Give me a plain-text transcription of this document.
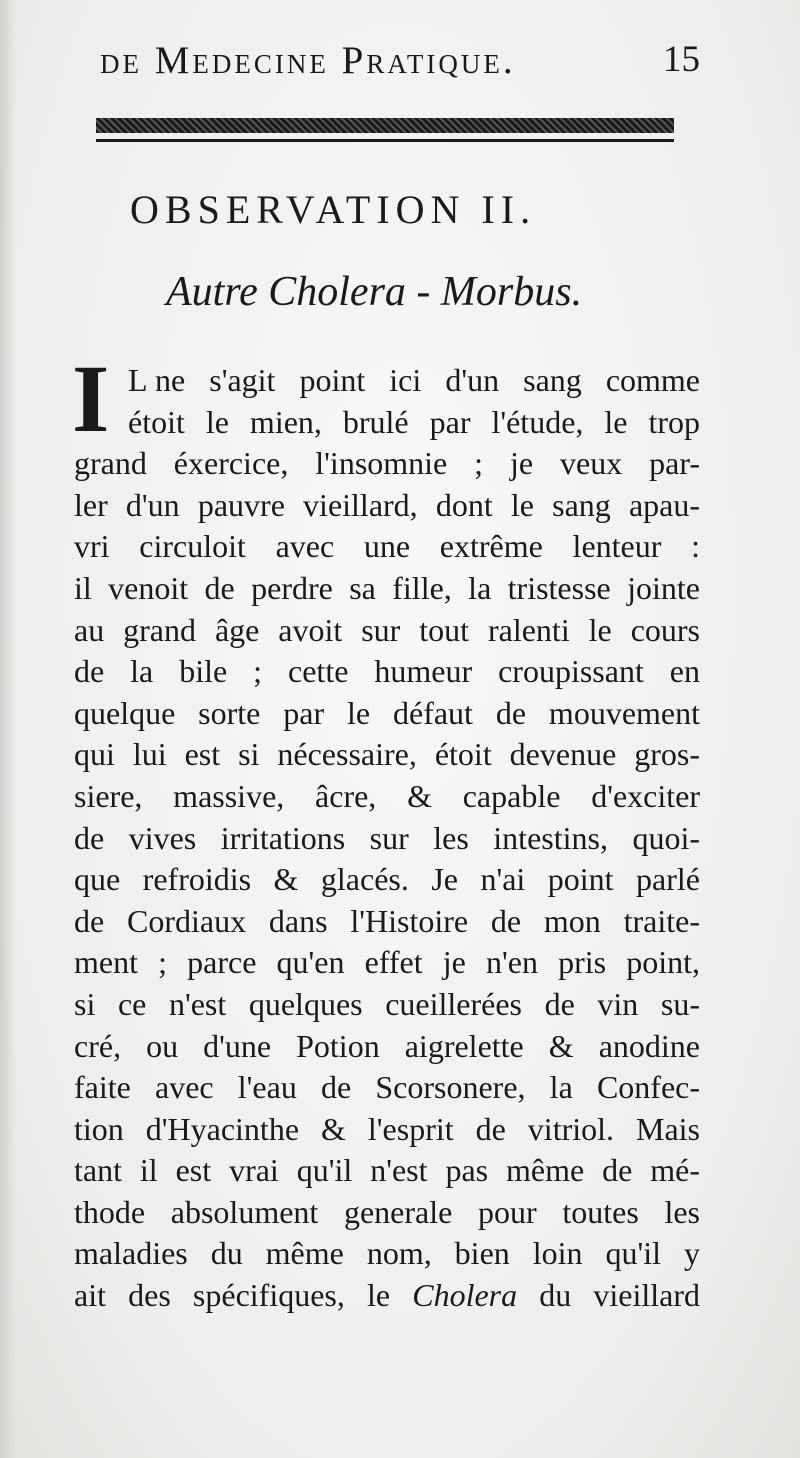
de Medecine Pratique.	15
OBSERVATION II.
Autre Cholera - Morbus.
I L ne s'agit point ici d'un sang comme
étoit le mien, brulé par l'étude, le trop
grand éxercice, l'insomnie ; je veux par-
ler d'un pauvre vieillard, dont le sang apau-
vri circuloit avec une extrême lenteur :
il venoit de perdre sa fille, la tristesse jointe
au grand âge avoit sur tout ralenti le cours
de la bile ; cette humeur croupissant en
quelque sorte par le défaut de mouvement
qui lui est si nécessaire, étoit devenue gros-
siere, massive, âcre, & capable d'exciter
de vives irritations sur les intestins, quoi-
que refroidis & glacés. Je n'ai point parlé
de Cordiaux dans l'Histoire de mon traite-
ment ; parce qu'en effet je n'en pris point,
si ce n'est quelques cueillerées de vin su-
cré, ou d'une Potion aigrelette & anodine
faite avec l'eau de Scorsonere, la Confec-
tion d'Hyacinthe & l'esprit de vitriol. Mais
tant il est vrai qu'il n'est pas même de mé-
thode absolument generale pour toutes les
maladies du même nom, bien loin qu'il y
ait des spécifiques, le Cholera du vieillard
